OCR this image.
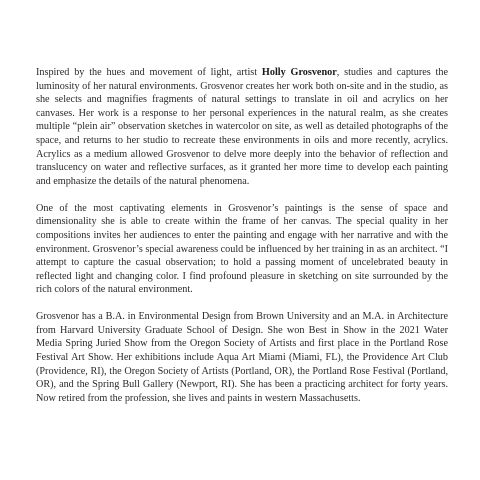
Inspired by the hues and movement of light, artist Holly Grosvenor, studies and captures the luminosity of her natural environments. Grosvenor creates her work both on-site and in the studio, as she selects and magnifies fragments of natural settings to translate in oil and acrylics on her canvases. Her work is a response to her personal experiences in the natural realm, as she creates multiple “plein air” observation sketches in watercolor on site, as well as detailed photographs of the space, and returns to her studio to recreate these environments in oils and more recently, acrylics. Acrylics as a medium allowed Grosvenor to delve more deeply into the behavior of reflection and translucency on water and reflective surfaces, as it granted her more time to develop each painting and emphasize the details of the natural phenomena.

One of the most captivating elements in Grosvenor’s paintings is the sense of space and dimensionality she is able to create within the frame of her canvas. The special quality in her compositions invites her audiences to enter the painting and engage with her narrative and with the environment. Grosvenor’s special awareness could be influenced by her training in as an architect. “I attempt to capture the casual observation; to hold a passing moment of uncelebrated beauty in reflected light and changing color. I find profound pleasure in sketching on site surrounded by the rich colors of the natural environment.

Grosvenor has a B.A. in Environmental Design from Brown University and an M.A. in Architecture from Harvard University Graduate School of Design. She won Best in Show in the 2021 Water Media Spring Juried Show from the Oregon Society of Artists and first place in the Portland Rose Festival Art Show. Her exhibitions include Aqua Art Miami (Miami, FL), the Providence Art Club (Providence, RI), the Oregon Society of Artists (Portland, OR), the Portland Rose Festival (Portland, OR), and the Spring Bull Gallery (Newport, RI). She has been a practicing architect for forty years. Now retired from the profession, she lives and paints in western Massachusetts.
